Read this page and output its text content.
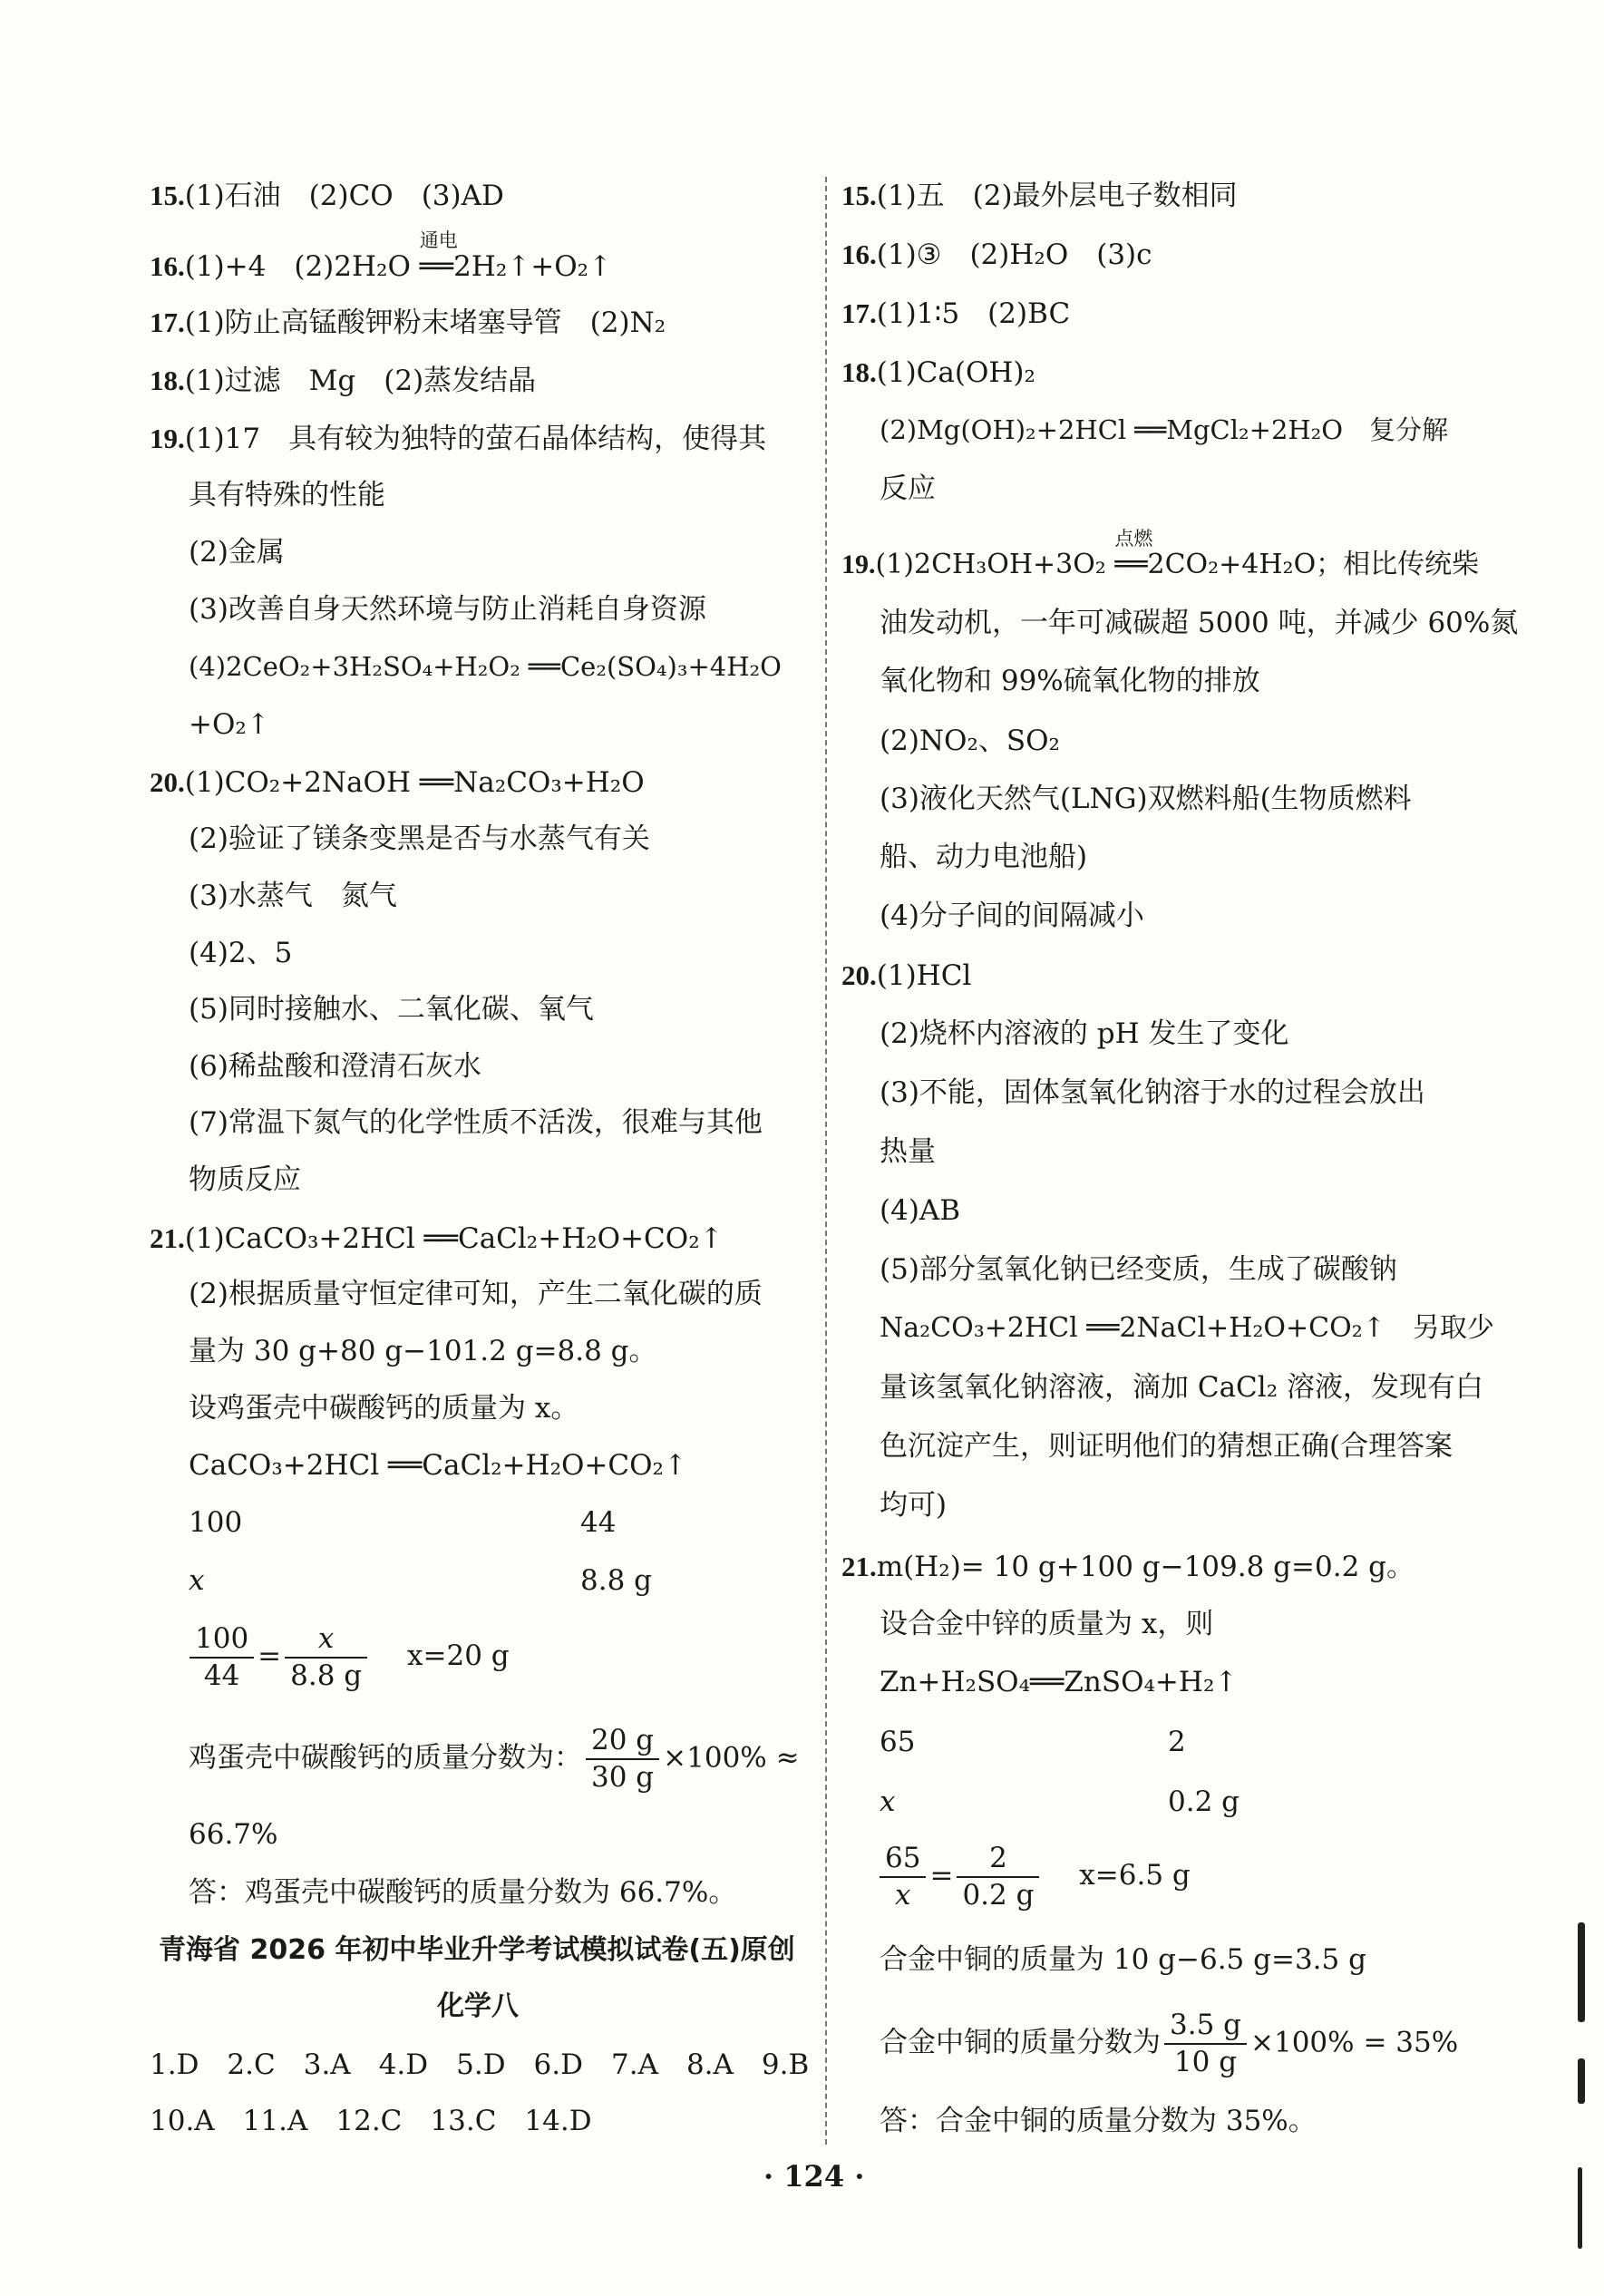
15.(1)石油　(2)CO　(3)AD
16.(1)+4　(2)2H₂O
通电
══2H₂↑+O₂↑
17.(1)防止高锰酸钾粉末堵塞导管　(2)N₂
18.(1)过滤　Mg　(2)蒸发结晶
19.(1)17　具有较为独特的萤石晶体结构，使得其
具有特殊的性能
(2)金属
(3)改善自身天然环境与防止消耗自身资源
(4)2CeO₂+3H₂SO₄+H₂O₂ ══Ce₂(SO₄)₃+4H₂O
+O₂↑
20.(1)CO₂+2NaOH ══Na₂CO₃+H₂O
(2)验证了镁条变黑是否与水蒸气有关
(3)水蒸气　氮气
(4)2、5
(5)同时接触水、二氧化碳、氧气
(6)稀盐酸和澄清石灰水
(7)常温下氮气的化学性质不活泼，很难与其他
物质反应
21.(1)CaCO₃+2HCl ══CaCl₂+H₂O+CO₂↑
(2)根据质量守恒定律可知，产生二氧化碳的质
量为 30 g+80 g−101.2 g=8.8 g。
设鸡蛋壳中碳酸钙的质量为 x。
CaCO₃+2HCl ══CaCl₂+H₂O+CO₂↑
100	44
x	8.8 g
$\frac{100}{44} = \frac{x}{8.8 g} x=20$ g
鸡蛋壳中碳酸钙的质量分数为： $\frac{20 g}{30 g} \times 100\%$ ≈
66.7%
答：鸡蛋壳中碳酸钙的质量分数为 66.7%。
青海省 2026 年初中毕业升学考试模拟试卷(五)原创
化学八
1.D　2.C　3.A　4.D　5.D　6.D　7.A　8.A　9.B
10.A　11.A　12.C　13.C　14.D
15.(1)五　(2)最外层电子数相同
16.(1)③　(2)H₂O　(3)c
17.(1)1∶5　(2)BC
18.(1)Ca(OH)₂
(2)Mg(OH)₂+2HCl ══MgCl₂+2H₂O　复分解
反应
19.(1)2CH₃OH+3O₂
点燃
══2CO₂+4H₂O；相比传统柴
油发动机，一年可减碳超 5000 吨，并减少 60%氮
氧化物和 99%硫氧化物的排放
(2)NO₂、SO₂
(3)液化天然气(LNG)双燃料船(生物质燃料
船、动力电池船)
(4)分子间的间隔减小
20.(1)HCl
(2)烧杯内溶液的 pH 发生了变化
(3)不能，固体氢氧化钠溶于水的过程会放出
热量
(4)AB
(5)部分氢氧化钠已经变质，生成了碳酸钠
Na₂CO₃+2HCl ══2NaCl+H₂O+CO₂↑　另取少
量该氢氧化钠溶液，滴加 CaCl₂ 溶液，发现有白
色沉淀产生，则证明他们的猜想正确(合理答案
均可)
21.m(H₂)= 10 g+100 g−109.8 g=0.2 g。
设合金中锌的质量为 x，则
Zn+H₂SO₄══ZnSO₄+H₂↑
65	2
x	0.2 g
$\frac{65}{x} = \frac{2}{0.2 g} x=6.5$ g
合金中铜的质量为 10 g−6.5 g=3.5 g
合金中铜的质量分数为 $\frac{3.5 g}{10 g} \times 100\% = 35\%$
答：合金中铜的质量分数为 35%。
· 124 ·
